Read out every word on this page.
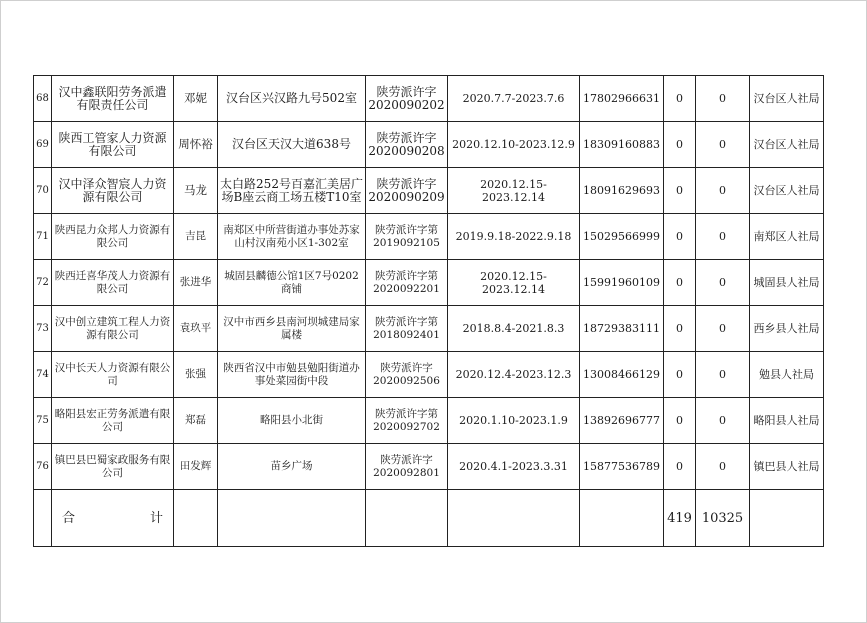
68	汉中鑫联阳劳务派遣有限责任公司	邓妮	汉台区兴汉路九号502室	陕劳派许字2020090202	2020.7.7-2023.7.6	17802966631	0	0	汉台区人社局
69	陕西工管家人力资源有限公司	周怀裕	汉台区天汉大道638号	陕劳派许字2020090208	2020.12.10-2023.12.9	18309160883	0	0	汉台区人社局
70	汉中泽众智宸人力资源有限公司	马龙	太白路252号百嘉汇美居广场B座云商工场五楼T10室	陕劳派许字2020090209	2020.12.15-2023.12.14	18091629693	0	0	汉台区人社局
71	陕西昆力众邦人力资源有限公司	吉昆	南郑区中所营街道办事处苏家山村汉南苑小区1-302室	陕劳派许字第2019092105	2019.9.18-2022.9.18	15029566999	0	0	南郑区人社局
72	陕西迁喜华茂人力资源有限公司	张进华	城固县麟德公馆1区7号0202商铺	陕劳派许字第2020092201	2020.12.15-2023.12.14	15991960109	0	0	城固县人社局
73	汉中创立建筑工程人力资源有限公司	袁玖平	汉中市西乡县南河坝城建局家属楼	陕劳派许字第2018092401	2018.8.4-2021.8.3	18729383111	0	0	西乡县人社局
74	汉中长天人力资源有限公司	张强	陕西省汉中市勉县勉阳街道办事处菜园街中段	陕劳派许字2020092506	2020.12.4-2023.12.3	13008466129	0	0	勉县人社局
75	略阳县宏正劳务派遣有限公司	郑磊	略阳县小北街	陕劳派许字第2020092702	2020.1.10-2023.1.9	13892696777	0	0	略阳县人社局
76	镇巴县巴蜀家政服务有限公司	田发辉	苗乡广场	陕劳派许字2020092801	2020.4.1-2023.3.31	15877536789	0	0	镇巴县人社局

	合 计						419	10325	
